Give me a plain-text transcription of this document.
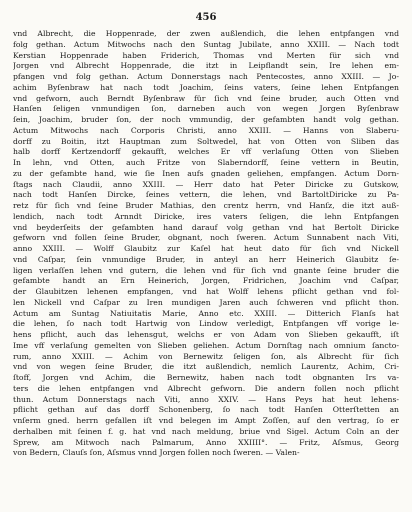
456
vnd Albrecht, die Hoppenrade, der zwen außlendich, die lehen entpfangen vnd
folg gethan. Actum Mitwochs nach den Suntag Jubilate, anno XXIII. — Nach todt
Kerstian Hoppenrade haben Friderich, Thomas vnd Merten für sich vnd
Jorgen vnd Albrecht Hoppenrade, die itzt in Leipflandt sein, Ire lehen em-
pfangen vnd folg gethan. Actum Donnerstags nach Pentecostes, anno XXIII. — Jo-
achim Byſenbraw hat nach todt Joachim, ſeins vaters, ſeine lehen Entpfangen
vnd gefworn, auch Berndt Byſenbraw für ſich vnd ſeine bruder, auch Otten vnd
Hanſen ſeligen vnmundigen ſon, darneben auch von wegen Jorgen Byſenbraw
ſein, Joachim, bruder ſon, der noch vmmundig, der gefambten handt volg gethan.
Actum Mitwochs nach Corporis Christi, anno XXIII. — Hanns von Slaberu-
dorff zu Boitin, itzt Hauptman zum Soltwedel, hat von Otten von Sliben das
halb dorff Kertzendorff gekaufft, welches Er vff verlaſung Otten von Slieben
In lehn, vnd Otten, auch Fritze von Slaberndorff, ſeine vettern in Beutin,
zu der gefambte hand, wie ſie Inen aufs gnaden geliehen, empfangen. Actum Dorn-
ſtags nach Claudii, anno XXIII. — Herr dato hat Peter Diricke zu Gutskow,
nach todt Hanſen Dircke, ſeines vettern, die lehen, vnd BartoltDiricke zu Pa-
retz für ſich vnd ſeine Bruder Mathias, den crentz herrn, vnd Hanſz, die itzt auß-
lendich, nach todt Arnndt Diricke, ires vaters ſeligen, die lehn Entpfangen
vnd beyderſeits der gefambten hand darauf volg gethan vnd hat Bertolt Diricke
gefworn vnd follen ſeine Bruder, obgnant, noch ſweren. Actum Sunnabent nach Viti,
anno XXIII. — Wolff Glaubitz zur Kaſel hat heut dato für ſich vnd Nickell
vnd Caſpar, ſein vnmundige Bruder, in anteyl an herr Heinerich Glaubitz ſe-
ligen verlaſſen lehen vnd gutern, die lehen vnd für ſich vnd gnante ſeine bruder die
gefambte handt an Ern Heinerich, Jorgen, Fridrichen, Joachim vnd Caſpar,
der Glaubitzen lehenen empfangen, vnd hat Wolff lehens pflicht gethan vnd fol-
len Nickell vnd Caſpar zu Iren mundigen Jaren auch ſchweren vnd pflicht thon.
Actum am Suntag Natiuitatis Marie, Anno etc. XXIII. — Ditterich Flanſs hat
die lehen, ſo nach todt Hartwig von Lindow verledigt, Entpfangen vff vorige le-
hens pflicht, auch das lehensgut, welchs er von Adam von Slieben gekaufft, iſt
Ime vff verlaſung gemelten von Slieben geliehen. Actum Dornſtag nach omnium ſancto-
rum, anno XXIII. — Achim von Bernewitz ſeligen ſon, als Albrecht für ſich
vnd von wegen ſeine Bruder, die itzt außlendich, nemlich Laurentz, Achim, Cri-
ſtoff, Jorgen vnd Achim, die Bernewitz, haben nach todt obgnanten Irs va-
ters die lehen entpfangen vnd Albrecht gefworn. Die andern follen noch pflicht
thun. Actum Donnerstags nach Viti, anno XXIV. — Hans Peys hat heut lehens-
pflicht gethan auf das dorff Schonenberg, ſo nach todt Hanſen Otterſtetten an
vnſerm gned. herrn gefallen iſt vnd belegen im Ampt Zoſſen, auf den vertrag, ſo er
derhalben mit ſeinen f. g. hat vnd nach meldung, briue vnd Sigel. Actum Coln an der
Sprew, am Mitwoch nach Palmarum, Anno XXIIII°. — Fritz, Aſsmus, Georg
von Bedern, Clauſs ſon, Aſsmus vnnd Jorgen follen noch ſweren. — Valen-
